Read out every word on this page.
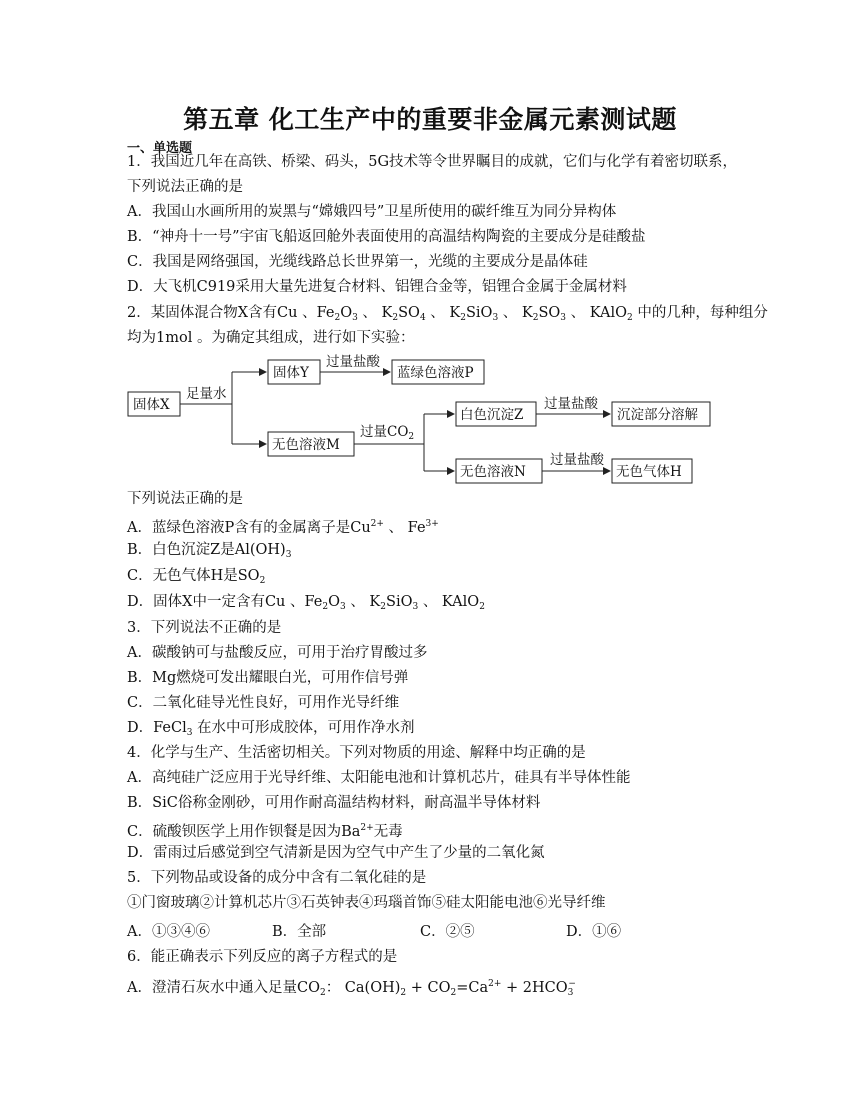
第五章 化工生产中的重要非金属元素测试题
一、单选题
1．我国近几年在高铁、桥梁、码头，5G技术等令世界瞩目的成就，它们与化学有着密切联系，
下列说法正确的是
A．我国山水画所用的炭黑与“嫦娥四号”卫星所使用的碳纤维互为同分异构体
B．“神舟十一号”宇宙飞船返回舱外表面使用的高温结构陶瓷的主要成分是硅酸盐
C．我国是网络强国，光缆线路总长世界第一，光缆的主要成分是晶体硅
D．大飞机C919采用大量先进复合材料、铝锂合金等，铝锂合金属于金属材料
2．某固体混合物X含有Cu 、$Fe_2O_3$ 、 $K_2SO_4$ 、 $K_2SiO_3$ 、 $K_2SO_3$ 、 KAlO$_2$ 中的几种，每种组分
均为1mol 。为确定其组成，进行如下实验：
固体X
足量水
固体Y
过量盐酸
蓝绿色溶液P
无色溶液M
过量$CO_2$
白色沉淀Z
过量盐酸
沉淀部分溶解
无色溶液N
过量盐酸
无色气体H
下列说法正确的是
A．蓝绿色溶液P含有的金属离子是$Cu^{2+}$ 、 $Fe^{3+}$
B．白色沉淀Z是$Al(OH)_3$
C．无色气体H是$SO_2$
D．固体X中一定含有Cu 、$Fe_2O_3$ 、 $K_2SiO_3$ 、 KAlO$_2$
3．下列说法不正确的是
A．碳酸钠可与盐酸反应，可用于治疗胃酸过多
B．Mg燃烧可发出耀眼白光，可用作信号弹
C．二氧化硅导光性良好，可用作光导纤维
D．FeCl$_3$ 在水中可形成胶体，可用作净水剂
4．化学与生产、生活密切相关。下列对物质的用途、解释中均正确的是
A．高纯硅广泛应用于光导纤维、太阳能电池和计算机芯片，硅具有半导体性能
B．SiC俗称金刚砂，可用作耐高温结构材料，耐高温半导体材料
C．硫酸钡医学上用作钡餐是因为$Ba^{2+}$无毒
D．雷雨过后感觉到空气清新是因为空气中产生了少量的二氧化氮
5．下列物品或设备的成分中含有二氧化硅的是
①门窗玻璃②计算机芯片③石英钟表④玛瑙首饰⑤硅太阳能电池⑥光导纤维
A．①③④⑥	B．全部	C．②⑤	D．①⑥
6．能正确表示下列反应的离子方程式的是
A．澄清石灰水中通入足量$CO_2$： $Ca(OH)_2 + CO_2=Ca^{2+} + 2HCO_3^-$
